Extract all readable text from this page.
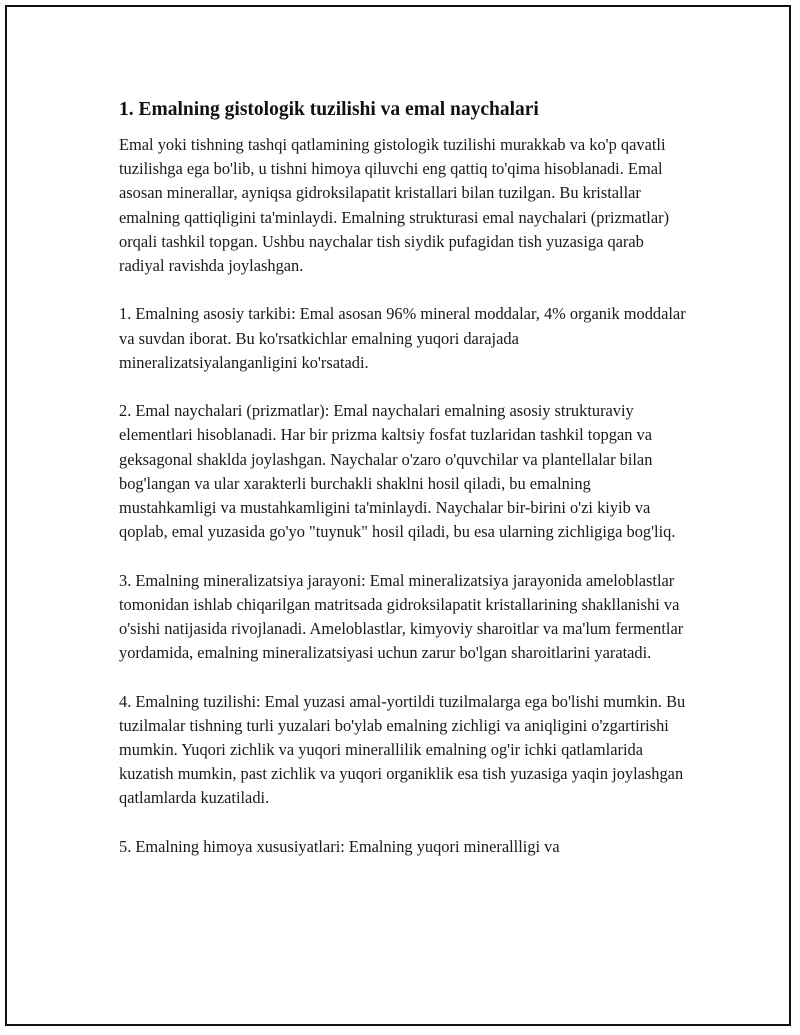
1. Emalning gistologik tuzilishi va emal naychalari

Emal yoki tishning tashqi qatlamining gistologik tuzilishi murakkab va ko'p qavatli tuzilishga ega bo'lib, u tishni himoya qiluvchi eng qattiq to'qima hisoblanadi. Emal asosan minerallar, ayniqsa gidroksilapatit kristallari bilan tuzilgan. Bu kristallar emalning qattiqligini ta'minlaydi. Emalning strukturasi emal naychalari (prizmatlar) orqali tashkil topgan. Ushbu naychalar tish siydik pufagidan tish yuzasiga qarab radiyal ravishda joylashgan.

1. Emalning asosiy tarkibi: Emal asosan 96% mineral moddalar, 4% organik moddalar va suvdan iborat. Bu ko'rsatkichlar emalning yuqori darajada mineralizatsiyalanganligini ko'rsatadi.

2. Emal naychalari (prizmatlar): Emal naychalari emalning asosiy strukturaviy elementlari hisoblanadi. Har bir prizma kaltsiy fosfat tuzlaridan tashkil topgan va geksagonal shaklda joylashgan. Naychalar o'zaro o'quvchilar va plantellalar bilan bog'langan va ular xarakterli burchakli shaklni hosil qiladi, bu emalning mustahkamligi va mustahkamligini ta'minlaydi. Naychalar bir-birini o'zi kiyib va qoplab, emal yuzasida go'yo "tuynuk" hosil qiladi, bu esa ularning zichligiga bog'liq.

3. Emalning mineralizatsiya jarayoni: Emal mineralizatsiya jarayonida ameloblastlar tomonidan ishlab chiqarilgan matritsada gidroksilapatit kristallarining shakllanishi va o'sishi natijasida rivojlanadi. Ameloblastlar, kimyoviy sharoitlar va ma'lum fermentlar yordamida, emalning mineralizatsiyasi uchun zarur bo'lgan sharoitlarini yaratadi.

4. Emalning tuzilishi: Emal yuzasi amal-yortildi tuzilmalarga ega bo'lishi mumkin. Bu tuzilmalar tishning turli yuzalari bo'ylab emalning zichligi va aniqligini o'zgartirishi mumkin. Yuqori zichlik va yuqori minerallilik emalning og'ir ichki qatlamlarida kuzatish mumkin, past zichlik va yuqori organiklik esa tish yuzasiga yaqin joylashgan qatlamlarda kuzatiladi.

5. Emalning himoya xususiyatlari: Emalning yuqori minerallligi va
